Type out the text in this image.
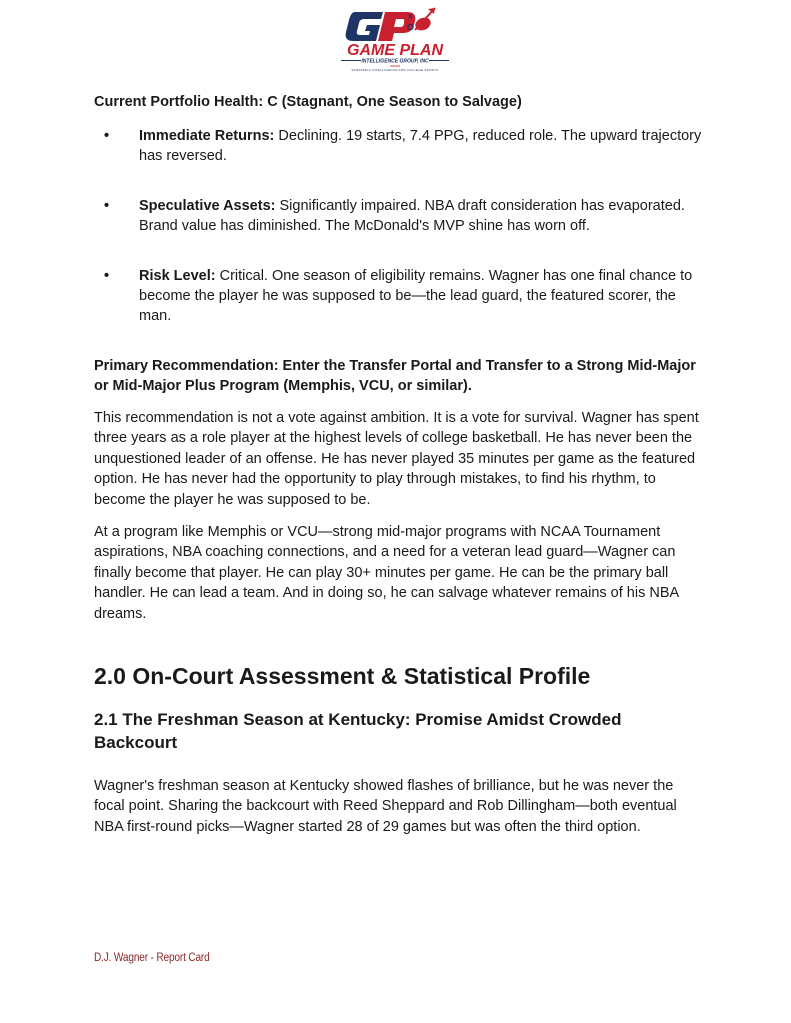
X
GAME PLAN
INTELLIGENCE GROUP, INC
STRATEGIC INTELLIGENCE FOR COLLEGE SPORTS
Current Portfolio Health: C (Stagnant, One Season to Salvage)
• Immediate Returns: Declining. 19 starts, 7.4 PPG, reduced role. The upward trajectory has reversed.
• Speculative Assets: Significantly impaired. NBA draft consideration has evaporated. Brand value has diminished. The McDonald's MVP shine has worn off.
• Risk Level: Critical. One season of eligibility remains. Wagner has one final chance to become the player he was supposed to be—the lead guard, the featured scorer, the man.
Primary Recommendation: Enter the Transfer Portal and Transfer to a Strong Mid-Major or Mid-Major Plus Program (Memphis, VCU, or similar).

This recommendation is not a vote against ambition. It is a vote for survival. Wagner has spent three years as a role player at the highest levels of college basketball. He has never been the unquestioned leader of an offense. He has never played 35 minutes per game as the featured option. He has never had the opportunity to play through mistakes, to find his rhythm, to become the player he was supposed to be.

At a program like Memphis or VCU—strong mid-major programs with NCAA Tournament aspirations, NBA coaching connections, and a need for a veteran lead guard—Wagner can finally become that player. He can play 30+ minutes per game. He can be the primary ball handler. He can lead a team. And in doing so, he can salvage whatever remains of his NBA dreams.

2.0 On-Court Assessment & Statistical Profile
2.1 The Freshman Season at Kentucky: Promise Amidst Crowded Backcourt

Wagner's freshman season at Kentucky showed flashes of brilliance, but he was never the focal point. Sharing the backcourt with Reed Sheppard and Rob Dillingham—both eventual NBA first-round picks—Wagner started 28 of 29 games but was often the third option.

D.J. Wagner - Report Card
